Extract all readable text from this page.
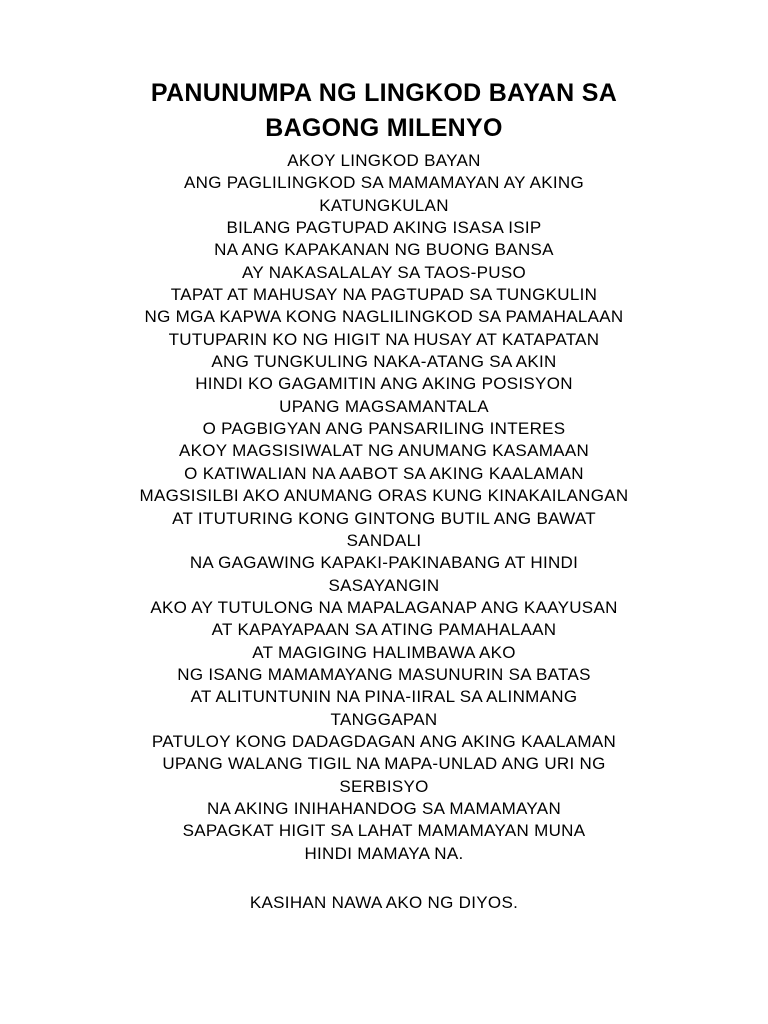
PANUNUMPA NG LINGKOD BAYAN SA
BAGONG MILENYO
AKOY LINGKOD BAYAN
ANG PAGLILINGKOD SA MAMAMAYAN AY AKING
KATUNGKULAN
BILANG PAGTUPAD AKING ISASA ISIP
NA ANG KAPAKANAN NG BUONG BANSA
AY NAKASALALAY SA TAOS-PUSO
TAPAT AT MAHUSAY NA PAGTUPAD SA TUNGKULIN
NG MGA KAPWA KONG NAGLILINGKOD SA PAMAHALAAN
TUTUPARIN KO NG HIGIT NA HUSAY AT KATAPATAN
ANG TUNGKULING NAKA-ATANG SA AKIN
HINDI KO GAGAMITIN ANG AKING POSISYON
UPANG MAGSAMANTALA
O PAGBIGYAN ANG PANSARILING INTERES
AKOY MAGSISIWALAT NG ANUMANG KASAMAAN
O KATIWALIAN NA AABOT SA AKING KAALAMAN
MAGSISILBI AKO ANUMANG ORAS KUNG KINAKAILANGAN
AT ITUTURING KONG GINTONG BUTIL ANG BAWAT
SANDALI
NA GAGAWING KAPAKI-PAKINABANG AT HINDI
SASAYANGIN
AKO AY TUTULONG NA MAPALAGANAP ANG KAAYUSAN
AT KAPAYAPAAN SA ATING PAMAHALAAN
AT MAGIGING HALIMBAWA AKO
NG ISANG MAMAMAYANG MASUNURIN SA BATAS
AT ALITUNTUNIN NA PINA-IIRAL SA ALINMANG
TANGGAPAN
PATULOY KONG DADAGDAGAN ANG AKING KAALAMAN
UPANG WALANG TIGIL NA MAPA-UNLAD ANG URI NG
SERBISYO
NA AKING INIHAHANDOG SA MAMAMAYAN
SAPAGKAT HIGIT SA LAHAT MAMAMAYAN MUNA
HINDI MAMAYA NA.
KASIHAN NAWA AKO NG DIYOS.
